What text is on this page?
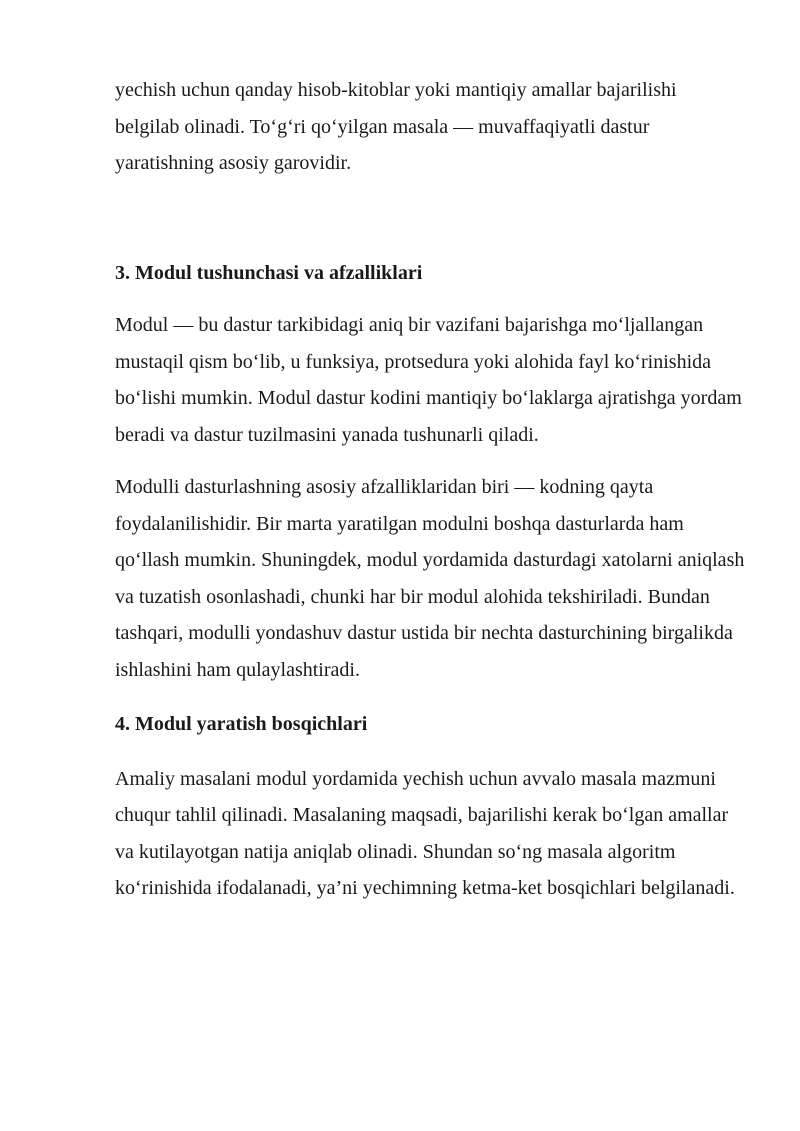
yechish uchun qanday hisob-kitoblar yoki mantiqiy amallar bajarilishi belgilab olinadi. To‘g‘ri qo‘yilgan masala — muvaffaqiyatli dastur yaratishning asosiy garovidir.

3. Modul tushunchasi va afzalliklari

Modul — bu dastur tarkibidagi aniq bir vazifani bajarishga mo‘ljallangan mustaqil qism bo‘lib, u funksiya, protsedura yoki alohida fayl ko‘rinishida bo‘lishi mumkin. Modul dastur kodini mantiqiy bo‘laklarga ajratishga yordam beradi va dastur tuzilmasini yanada tushunarli qiladi.

Modulli dasturlashning asosiy afzalliklaridan biri — kodning qayta foydalanilishidir. Bir marta yaratilgan modulni boshqa dasturlarda ham qo‘llash mumkin. Shuningdek, modul yordamida dasturdagi xatolarni aniqlash va tuzatish osonlashadi, chunki har bir modul alohida tekshiriladi. Bundan tashqari, modulli yondashuv dastur ustida bir nechta dasturchining birgalikda ishlashini ham qulaylashtiradi.

4. Modul yaratish bosqichlari

Amaliy masalani modul yordamida yechish uchun avvalo masala mazmuni chuqur tahlil qilinadi. Masalaning maqsadi, bajarilishi kerak bo‘lgan amallar va kutilayotgan natija aniqlab olinadi. Shundan so‘ng masala algoritm ko‘rinishida ifodalanadi, ya’ni yechimning ketma-ket bosqichlari belgilanadi.
